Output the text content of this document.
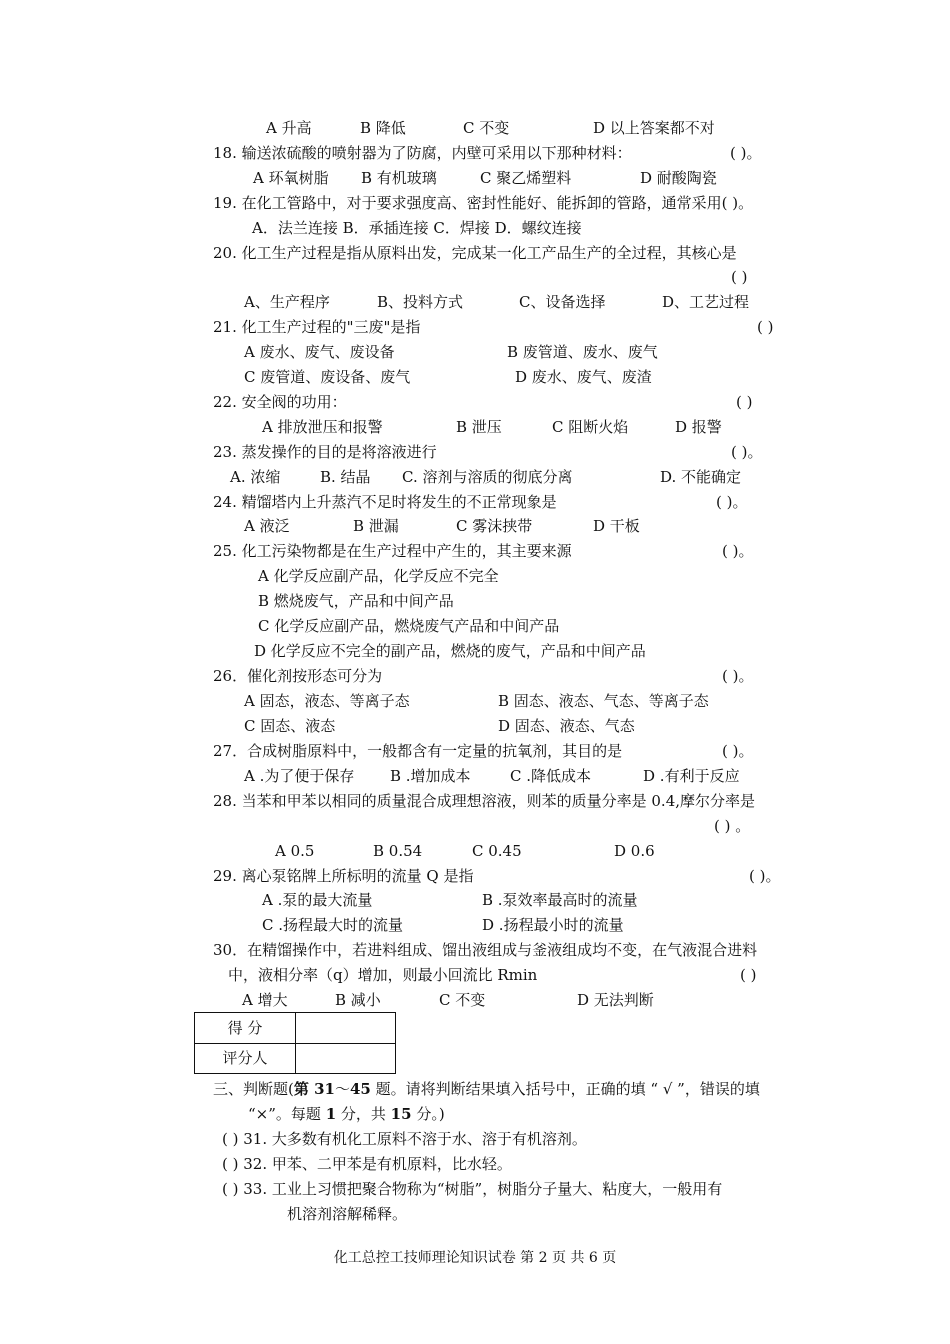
A 升高	B 降低	C 不变	D 以上答案都不对
18. 输送浓硫酸的喷射器为了防腐，内壁可采用以下那种材料：	( )。
A 环氧树脂 B 有机玻璃	C 聚乙烯塑料	D 耐酸陶瓷
19. 在化工管路中，对于要求强度高、密封性能好、能拆卸的管路，通常采用( )。
A．法兰连接 B．承插连接 C．焊接 D．螺纹连接
20. 化工生产过程是指从原料出发，完成某一化工产品生产的全过程，其核心是
( )
A、生产程序	B、投料方式	C、设备选择	D、工艺过程
21. 化工生产过程的"三废"是指	( )
A 废水、废气、废设备	B 废管道、废水、废气
C 废管道、废设备、废气	D 废水、废气、废渣
22. 安全阀的功用：	( )
A 排放泄压和报警	B 泄压	C 阻断火焰	D 报警
23. 蒸发操作的目的是将溶液进行	( )。
A. 浓缩	B. 结晶 C. 溶剂与溶质的彻底分离	D. 不能确定
24. 精馏塔内上升蒸汽不足时将发生的不正常现象是	( )。
A 液泛	B 泄漏	C 雾沫挟带	D 干板
25. 化工污染物都是在生产过程中产生的，其主要来源	( )。
A 化学反应副产品，化学反应不完全
B 燃烧废气，产品和中间产品
C 化学反应副产品，燃烧废气产品和中间产品
D 化学反应不完全的副产品，燃烧的废气，产品和中间产品
26．催化剂按形态可分为	( )。
A 固态，液态、等离子态	B 固态、液态、气态、等离子态
C 固态、液态	D 固态、液态、气态
27．合成树脂原料中，一般都含有一定量的抗氧剂，其目的是	( )。
A .为了便于保存 B .增加成本	C .降低成本	D .有利于反应
28. 当苯和甲苯以相同的质量混合成理想溶液，则苯的质量分率是 0.4,摩尔分率是
( ) 。
A 0.5	B 0.54	C 0.45	D 0.6
29. 离心泵铭牌上所标明的流量 Q 是指	( )。
A .泵的最大流量	B .泵效率最高时的流量
C .扬程最大时的流量	D .扬程最小时的流量
30．在精馏操作中，若进料组成、馏出液组成与釜液组成均不变，在气液混合进料
中，液相分率（q）增加，则最小回流比 Rmin	( )
A 增大	B 减小	C 不变	D 无法判断
得 分
评分人
三、判断题(第 31～45 题。请将判断结果填入括号中，正确的填 “ √ ”，错误的填
“×”。每题 1 分，共 15 分。)
( ) 31. 大多数有机化工原料不溶于水、溶于有机溶剂。
( ) 32. 甲苯、二甲苯是有机原料，比水轻。
( ) 33. 工业上习惯把聚合物称为“树脂”，树脂分子量大、粘度大，一般用有
机溶剂溶解稀释。
化工总控工技师理论知识试卷 第 2 页 共 6 页
